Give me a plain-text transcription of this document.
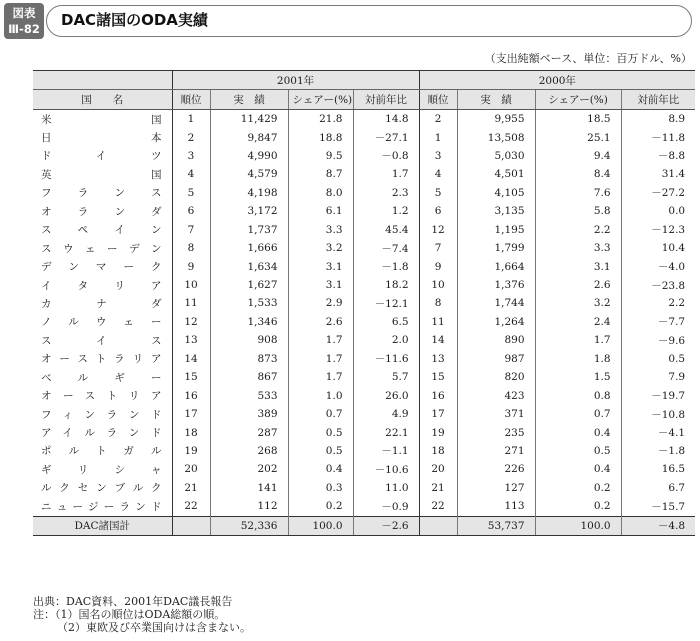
図表
Ⅲ-82	DAC諸国のODA実績
（支出純額ベース、単位：百万ドル、%）
	2001年				2000年			
国　　名	順位	実　績	シェアー(%)	対前年比	順位	実　績	シェアー(%)	対前年比
米国	1	11,429	21.8	14.8	2	9,955	18.5	8.9
日本	2	9,847	18.8	－27.1	1	13,508	25.1	－11.8
ドイツ	3	4,990	9.5	－0.8	3	5,030	9.4	－8.8
英国	4	4,579	8.7	1.7	4	4,501	8.4	31.4
フランス	5	4,198	8.0	2.3	5	4,105	7.6	－27.2
オランダ	6	3,172	6.1	1.2	6	3,135	5.8	0.0
スペイン	7	1,737	3.3	45.4	12	1,195	2.2	－12.3
スウェーデン	8	1,666	3.2	－7.4	7	1,799	3.3	10.4
デンマーク	9	1,634	3.1	－1.8	9	1,664	3.1	－4.0
イタリア	10	1,627	3.1	18.2	10	1,376	2.6	－23.8
カナダ	11	1,533	2.9	－12.1	8	1,744	3.2	2.2
ノルウェー	12	1,346	2.6	6.5	11	1,264	2.4	－7.7
スイス	13	908	1.7	2.0	14	890	1.7	－9.6
オーストラリア	14	873	1.7	－11.6	13	987	1.8	0.5
ベルギー	15	867	1.7	5.7	15	820	1.5	7.9
オーストリア	16	533	1.0	26.0	16	423	0.8	－19.7
フィンランド	17	389	0.7	4.9	17	371	0.7	－10.8
アイルランド	18	287	0.5	22.1	19	235	0.4	－4.1
ポルトガル	19	268	0.5	－1.1	18	271	0.5	－1.8
ギリシャ	20	202	0.4	－10.6	20	226	0.4	16.5
ルクセンブルク	21	141	0.3	11.0	21	127	0.2	6.7
ニュージーランド	22	112	0.2	－0.9	22	113	0.2	－15.7
DAC諸国計		52,336	100.0	－2.6		53,737	100.0	－4.8
出典：DAC資料、2001年DAC議長報告
注：（1）国名の順位はODA総額の順。
（2）東欧及び卒業国向けは含まない。
